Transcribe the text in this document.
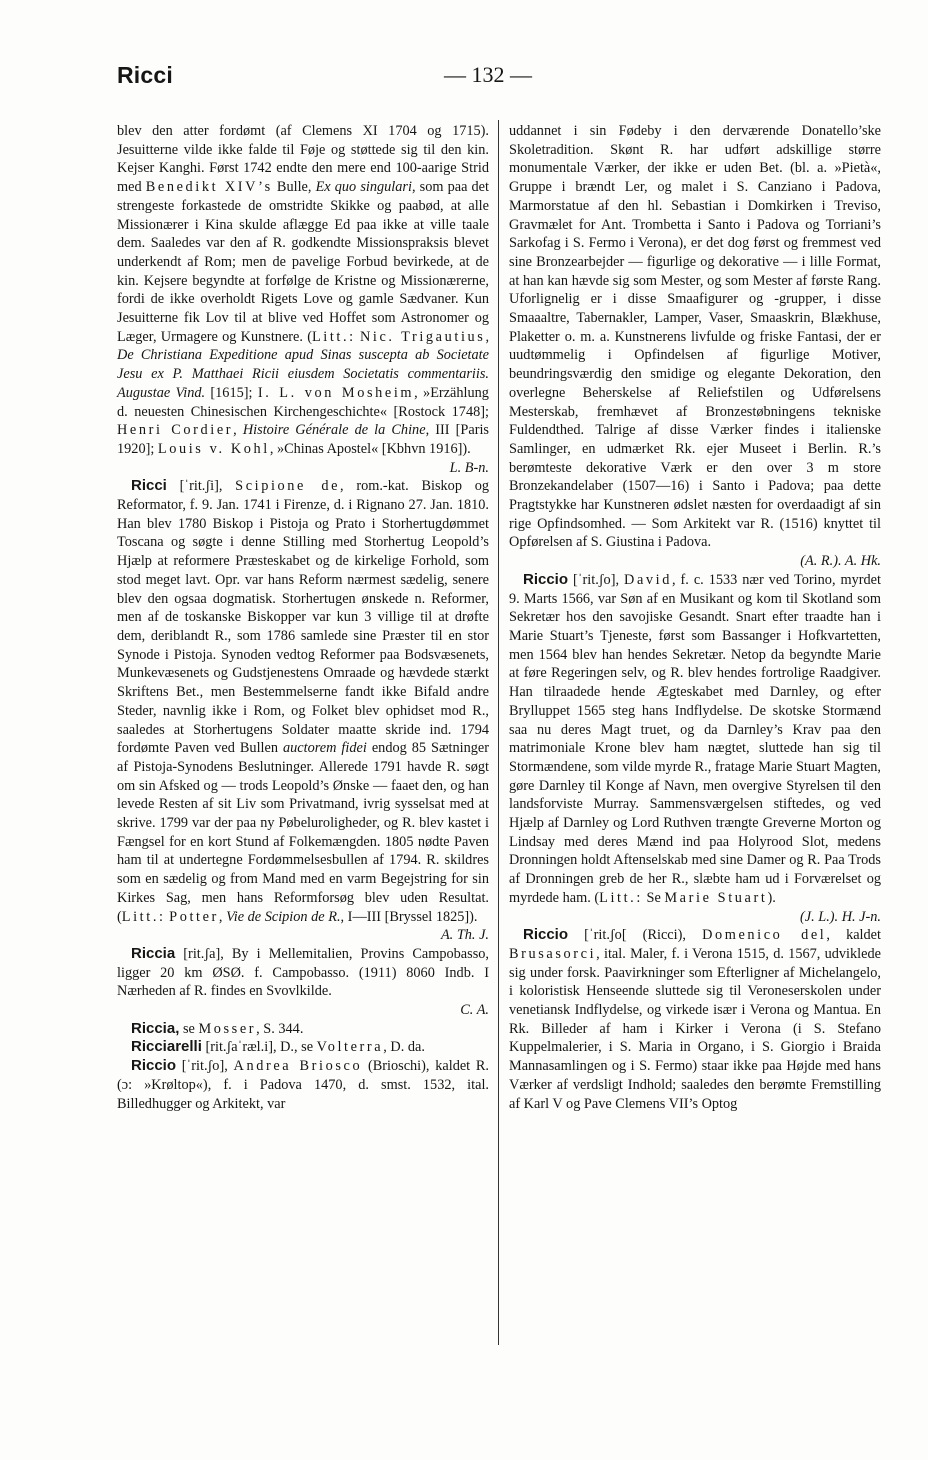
Ricci	— 132 —

blev den atter fordømt (af Clemens XI 1704 og 1715). Jesuitterne vilde ikke falde til Føje og støttede sig til den kin. Kejser Kanghi. Først 1742 endte den mere end 100-aarige Strid med Benedikt XIV’s Bulle, Ex quo singulari, som paa det strengeste forkastede de omstridte Skikke og paabød, at alle Missionærer i Kina skulde aflægge Ed paa ikke at ville taale dem. Saaledes var den af R. godkendte Missionspraksis blevet underkendt af Rom; men de pavelige Forbud bevirkede, at de kin. Kejsere begyndte at forfølge de Kristne og Missionærerne, fordi de ikke overholdt Rigets Love og gamle Sædvaner. Kun Jesuitterne fik Lov til at blive ved Hoffet som Astronomer og Læger, Urmagere og Kunstnere. (Litt.: Nic. Trigautius, De Christiana Expeditione apud Sinas suscepta ab Societate Jesu ex P. Matthaei Ricii eiusdem Societatis commentariis. Augustae Vind. [1615]; I. L. von Mosheim, »Erzählung d. neuesten Chinesischen Kirchengeschichte« [Rostock 1748]; Henri Cordier, Histoire Générale de la Chine, III [Paris 1920]; Louis v. Kohl, »Chinas Apostel« [Kbhvn 1916]).
L. B-n.

Ricci [ˈrit.ʃi], Scipione de, rom.-kat. Biskop og Reformator, f. 9. Jan. 1741 i Firenze, d. i Rignano 27. Jan. 1810. Han blev 1780 Biskop i Pistoja og Prato i Storhertugdømmet Toscana og søgte i denne Stilling med Storhertug Leopold’s Hjælp at reformere Præsteskabet og de kirkelige Forhold, som stod meget lavt. Opr. var hans Reform nærmest sædelig, senere blev den ogsaa dogmatisk. Storhertugen ønskede n. Reformer, men af de toskanske Biskopper var kun 3 villige til at drøfte dem, deriblandt R., som 1786 samlede sine Præster til en stor Synode i Pistoja. Synoden vedtog Reformer paa Bodsvæsenets, Munkevæsenets og Gudstjenestens Omraade og hævdede stærkt Skriftens Bet., men Bestemmelserne fandt ikke Bifald andre Steder, navnlig ikke i Rom, og Folket blev ophidset mod R., saaledes at Storhertugens Soldater maatte skride ind. 1794 fordømte Paven ved Bullen auctorem fidei endog 85 Sætninger af Pistoja-Synodens Beslutninger. Allerede 1791 havde R. søgt om sin Afsked og — trods Leopold’s Ønske — faaet den, og han levede Resten af sit Liv som Privatmand, ivrig sysselsat med at skrive. 1799 var der paa ny Pøbeluroligheder, og R. blev kastet i Fængsel for en kort Stund af Folkemængden. 1805 nødte Paven ham til at undertegne Fordømmelsesbullen af 1794. R. skildres som en sædelig og from Mand med en varm Begejstring for sin Kirkes Sag, men hans Reformforsøg blev uden Resultat. (Litt.: Potter, Vie de Scipion de R., I—III [Bryssel 1825]).
A. Th. J.

Riccia [rit.ʃa], By i Mellemitalien, Provins Campobasso, ligger 20 km ØSØ. f. Campobasso. (1911) 8060 Indb. I Nærheden af R. findes en Svovlkilde.
C. A.

Riccia, se Mosser, S. 344.

Ricciarelli [rit.ʃaˈræl.i], D., se Volterra, D. da.

Riccio [ˈrit.ʃo], Andrea Briosco (Brioschi), kaldet R. (ɔ: »Krøltop«), f. i Padova 1470, d. smst. 1532, ital. Billedhugger og Arkitekt, var

uddannet i sin Fødeby i den derværende Donatello’ske Skoletradition. Skønt R. har udført adskillige større monumentale Værker, der ikke er uden Bet. (bl. a. »Pietà«, Gruppe i brændt Ler, og malet i S. Canziano i Padova, Marmorstatue af den hl. Sebastian i Domkirken i Treviso, Gravmælet for Ant. Trombetta i Santo i Padova og Torriani’s Sarkofag i S. Fermo i Verona), er det dog først og fremmest ved sine Bronzearbejder — figurlige og dekorative — i lille Format, at han kan hævde sig som Mester, og som Mester af første Rang. Uforlignelig er i disse Smaafigurer og -grupper, i disse Smaaaltre, Tabernakler, Lamper, Vaser, Smaaskrin, Blækhuse, Plaketter o. m. a. Kunstnerens livfulde og friske Fantasi, der er uudtømmelig i Opfindelsen af figurlige Motiver, beundringsværdig den smidige og elegante Dekoration, den overlegne Beherskelse af Reliefstilen og Udførelsens Mesterskab, fremhævet af Bronzestøbningens tekniske Fuldendthed. Talrige af disse Værker findes i italienske Samlinger, en udmærket Rk. ejer Museet i Berlin. R.’s berømteste dekorative Værk er den over 3 m store Bronzekandelaber (1507—16) i Santo i Padova; paa dette Pragtstykke har Kunstneren ødslet næsten for overdaadigt af sin rige Opfindsomhed. — Som Arkitekt var R. (1516) knyttet til Opførelsen af S. Giustina i Padova.
(A. R.). A. Hk.

Riccio [ˈrit.ʃo], David, f. c. 1533 nær ved Torino, myrdet 9. Marts 1566, var Søn af en Musikant og kom til Skotland som Sekretær hos den savojiske Gesandt. Snart efter traadte han i Marie Stuart’s Tjeneste, først som Bassanger i Hofkvartetten, men 1564 blev han hendes Sekretær. Netop da begyndte Marie at føre Regeringen selv, og R. blev hendes fortrolige Raadgiver. Han tilraadede hende Ægteskabet med Darnley, og efter Brylluppet 1565 steg hans Indflydelse. De skotske Stormænd saa nu deres Magt truet, og da Darnley’s Krav paa den matrimoniale Krone blev ham nægtet, sluttede han sig til Stormændene, som vilde myrde R., fratage Marie Stuart Magten, gøre Darnley til Konge af Navn, men overgive Styrelsen til den landsforviste Murray. Sammensværgelsen stiftedes, og ved Hjælp af Darnley og Lord Ruthven trængte Greverne Morton og Lindsay med deres Mænd ind paa Holyrood Slot, medens Dronningen holdt Aftenselskab med sine Damer og R. Paa Trods af Dronningen greb de her R., slæbte ham ud i Forværelset og myrdede ham. (Litt.: Se Marie Stuart).
(J. L.). H. J-n.

Riccio [ˈrit.ʃo[ (Ricci), Domenico del, kaldet Brusasorci, ital. Maler, f. i Verona 1515, d. 1567, udviklede sig under forsk. Paavirkninger som Efterligner af Michelangelo, i koloristisk Henseende sluttede sig til Veroneserskolen under venetiansk Indflydelse, og virkede især i Verona og Mantua. En Rk. Billeder af ham i Kirker i Verona (i S. Stefano Kuppelmalerier, i S. Maria in Organo, i S. Giorgio i Braida Mannasamlingen og i S. Fermo) staar ikke paa Højde med hans Værker af verdsligt Indhold; saaledes den berømte Fremstilling af Karl V og Pave Clemens VII’s Optog
